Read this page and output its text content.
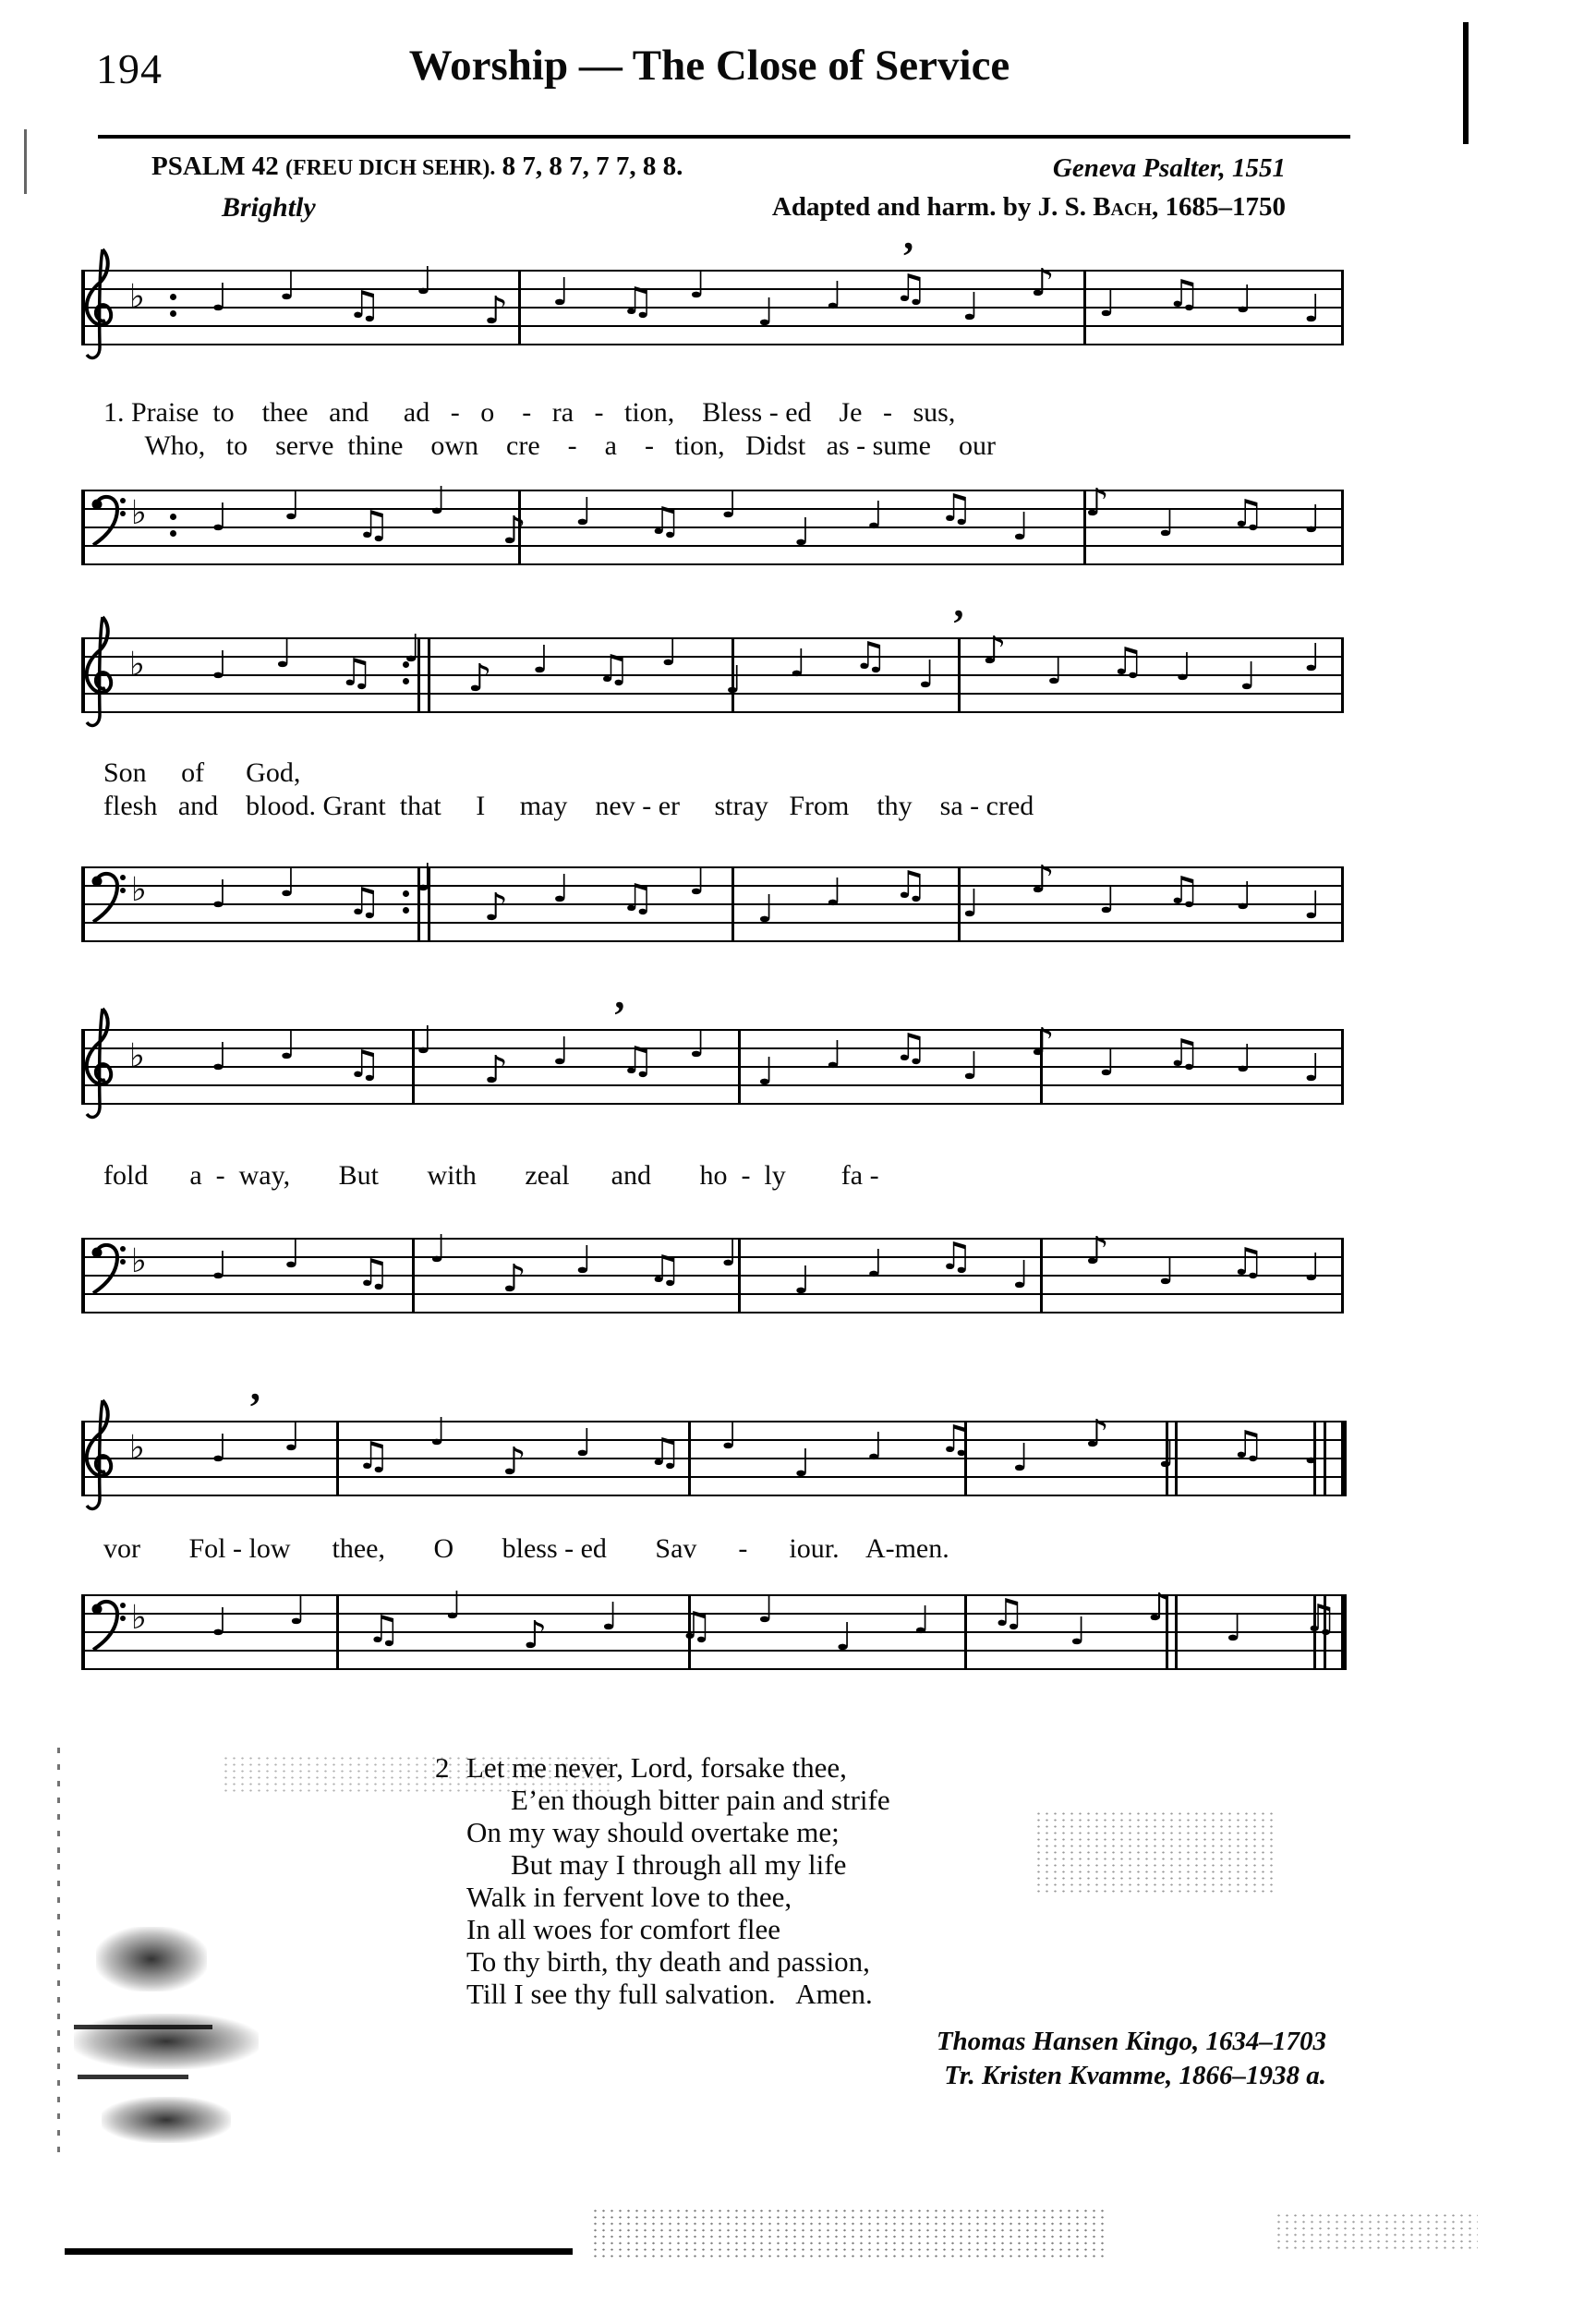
194	Worship — The Close of Service
PSALM 42 (FREU DICH SEHR). 8 7, 8 7, 7 7, 8 8.	Geneva Psalter, 1551
Brightly	Adapted and harm. by J. S. Bach, 1685–1750
♭ ♩ ♩ ♫
♩
♪ ♩ ♫ ♩
♩ ♩ ♫ ♩
♪ ♩ ♫ ♩ ♩
’
1. Praise  to    thee   and     ad   -   o    -   ra   -   tion,    Bless - ed    Je   -   sus,
Who,   to    serve  thine    own    cre    -    a    -   tion,   Didst   as - sume    our
♭ ♩ ♩ ♫
♩
♪ ♩ ♫ ♩
♩ ♩ ♫ ♩
♪ ♩ ♫ ♩
♭ ♩ ♩ ♫
♩
♪ ♩ ♫ ♩
♩ ♩ ♫ ♩
♪ ♩ ♫ ♩ ♩ ♩
’
Son     of      God,
flesh   and    blood. Grant  that     I     may    nev - er     stray   From    thy    sa - cred
♭ ♩ ♩ ♫
♩
♪ ♩ ♫ ♩
♩ ♩ ♫ ♩
♪ ♩ ♫ ♩ ♩
♭ ♩ ♩ ♫
♩
♪ ♩ ♫ ♩
♩ ♩ ♫ ♩
♪ ♩ ♫ ♩ ♩
’
fold      a  -  way,       But       with       zeal      and       ho  -  ly        fa -
♭ ♩ ♩ ♫
♩
♪ ♩ ♫ ♩
♩ ♩ ♫ ♩
♪ ♩ ♫ ♩
♭ ♩ ♩ ♫
♩
♪ ♩ ♫ ♩
♩ ♩ ♫ ♩
♪ ♩ ♫ ♩
’
vor       Fol - low      thee,       O       bless - ed       Sav      -      iour.    A-men.
♭ ♩ ♩ ♫
♩
♪ ♩ ♫ ♩
♩ ♩ ♫ ♩
♪ ♩ ♫
2 Let me never, Lord, forsake thee,
E’en though bitter pain and strife
On my way should overtake me;
But may I through all my life
Walk in fervent love to thee,
In all woes for comfort flee
To thy birth, thy death and passion,
Till I see thy full salvation.   Amen.
Thomas Hansen Kingo, 1634–1703
Tr. Kristen Kvamme, 1866–1938 a.
